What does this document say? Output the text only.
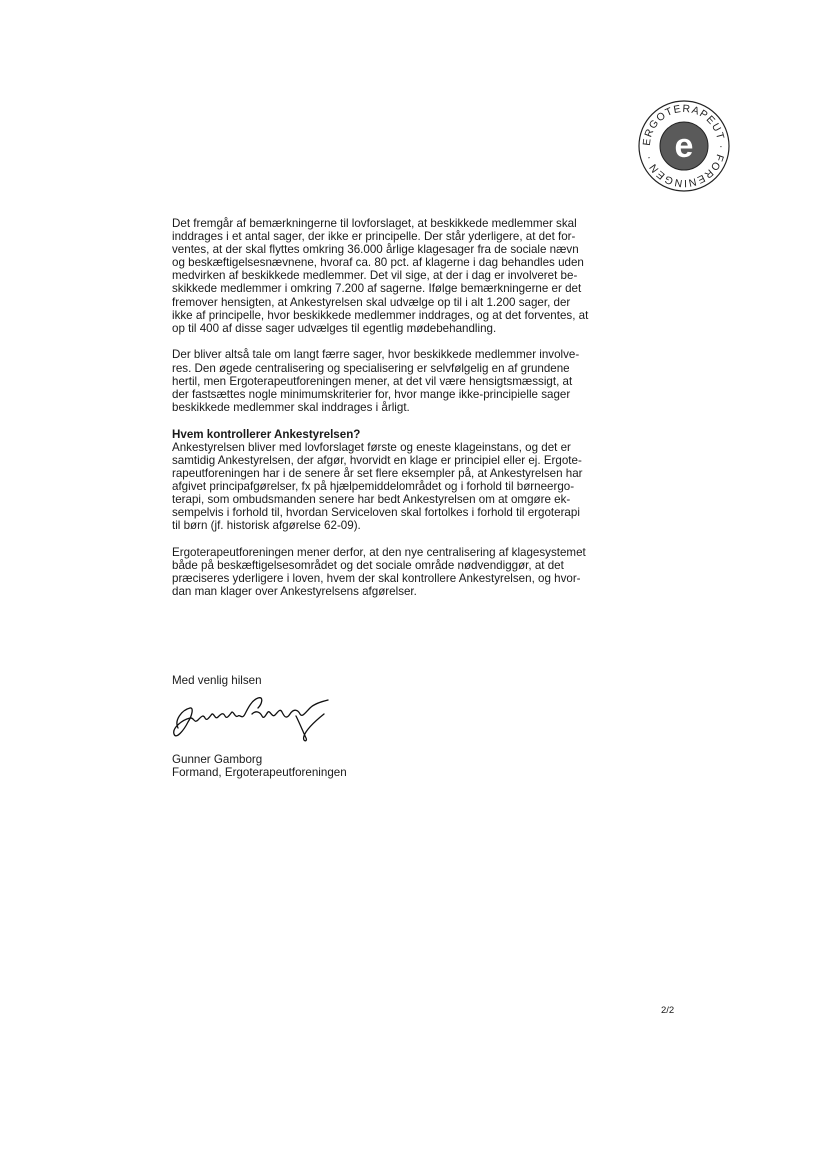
ERGOTERAPEUT · FORENINGEN · e
Det fremgår af bemærkningerne til lovforslaget, at beskikkede medlemmer skal
inddrages i et antal sager, der ikke er principelle. Der står yderligere, at det for-
ventes, at der skal flyttes omkring 36.000 årlige klagesager fra de sociale nævn
og beskæftigelsesnævnene, hvoraf ca. 80 pct. af klagerne i dag behandles uden
medvirken af beskikkede medlemmer. Det vil sige, at der i dag er involveret be-
skikkede medlemmer i omkring 7.200 af sagerne. Ifølge bemærkningerne er det
fremover hensigten, at Ankestyrelsen skal udvælge op til i alt 1.200 sager, der
ikke af principelle, hvor beskikkede medlemmer inddrages, og at det forventes, at
op til 400 af disse sager udvælges til egentlig mødebehandling.
Der bliver altså tale om langt færre sager, hvor beskikkede medlemmer involve-
res. Den øgede centralisering og specialisering er selvfølgelig en af grundene
hertil, men Ergoterapeutforeningen mener, at det vil være hensigtsmæssigt, at
der fastsættes nogle minimumskriterier for, hvor mange ikke-principielle sager
beskikkede medlemmer skal inddrages i årligt.
Hvem kontrollerer Ankestyrelsen?
Ankestyrelsen bliver med lovforslaget første og eneste klageinstans, og det er
samtidig Ankestyrelsen, der afgør, hvorvidt en klage er principiel eller ej. Ergote-
rapeutforeningen har i de senere år set flere eksempler på, at Ankestyrelsen har
afgivet principafgørelser, fx på hjælpemiddelområdet og i forhold til børneergo-
terapi, som ombudsmanden senere har bedt Ankestyrelsen om at omgøre ek-
sempelvis i forhold til, hvordan Serviceloven skal fortolkes i forhold til ergoterapi
til børn (jf. historisk afgørelse 62-09).
Ergoterapeutforeningen mener derfor, at den nye centralisering af klagesystemet
både på beskæftigelsesområdet og det sociale område nødvendiggør, at det
præciseres yderligere i loven, hvem der skal kontrollere Ankestyrelsen, og hvor-
dan man klager over Ankestyrelsens afgørelser.
Med venlig hilsen
Gunner Gamborg
Formand, Ergoterapeutforeningen
2/2
